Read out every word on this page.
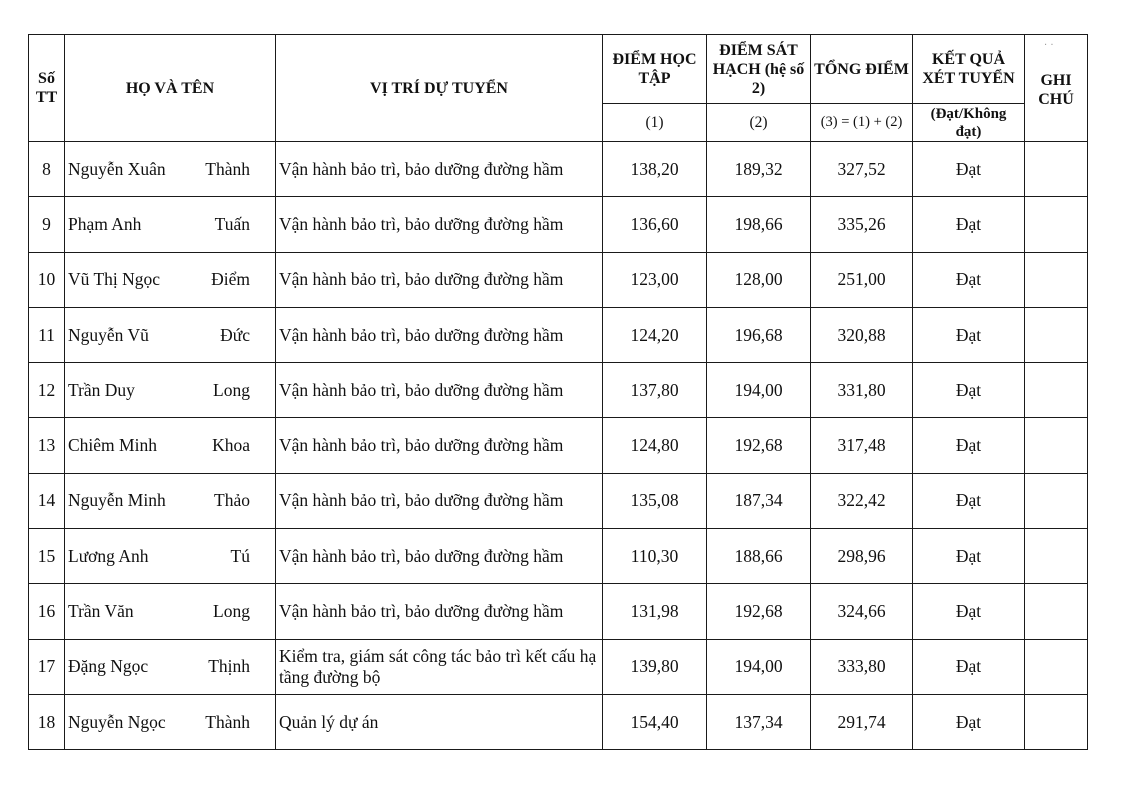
Số TT	HỌ VÀ TÊN	VỊ TRÍ DỰ TUYỂN	ĐIỂM HỌC TẬP	ĐIỂM SÁT HẠCH (hệ số 2)	TỔNG ĐIỂM	KẾT QUẢ XÉT TUYỂN	GHI CHÚ
			(1)	(2)	(3) = (1) + (2)	(Đạt/Không đạt)	
8	Nguyễn Xuân Thành	Vận hành bảo trì, bảo dưỡng đường hầm	138,20	189,32	327,52	Đạt	
9	Phạm Anh Tuấn	Vận hành bảo trì, bảo dưỡng đường hầm	136,60	198,66	335,26	Đạt	
10	Vũ Thị Ngọc Điểm	Vận hành bảo trì, bảo dưỡng đường hầm	123,00	128,00	251,00	Đạt	
11	Nguyễn Vũ Đức	Vận hành bảo trì, bảo dưỡng đường hầm	124,20	196,68	320,88	Đạt	
12	Trần Duy Long	Vận hành bảo trì, bảo dưỡng đường hầm	137,80	194,00	331,80	Đạt	
13	Chiêm Minh Khoa	Vận hành bảo trì, bảo dưỡng đường hầm	124,80	192,68	317,48	Đạt	
14	Nguyễn Minh Thảo	Vận hành bảo trì, bảo dưỡng đường hầm	135,08	187,34	322,42	Đạt	
15	Lương Anh Tú	Vận hành bảo trì, bảo dưỡng đường hầm	110,30	188,66	298,96	Đạt	
16	Trần Văn Long	Vận hành bảo trì, bảo dưỡng đường hầm	131,98	192,68	324,66	Đạt	
17	Đặng Ngọc Thịnh	Kiểm tra, giám sát công tác bảo trì kết cấu hạ tầng đường bộ	139,80	194,00	333,80	Đạt	
18	Nguyễn Ngọc Thành	Quản lý dự án	154,40	137,34	291,74	Đạt	
· ·
